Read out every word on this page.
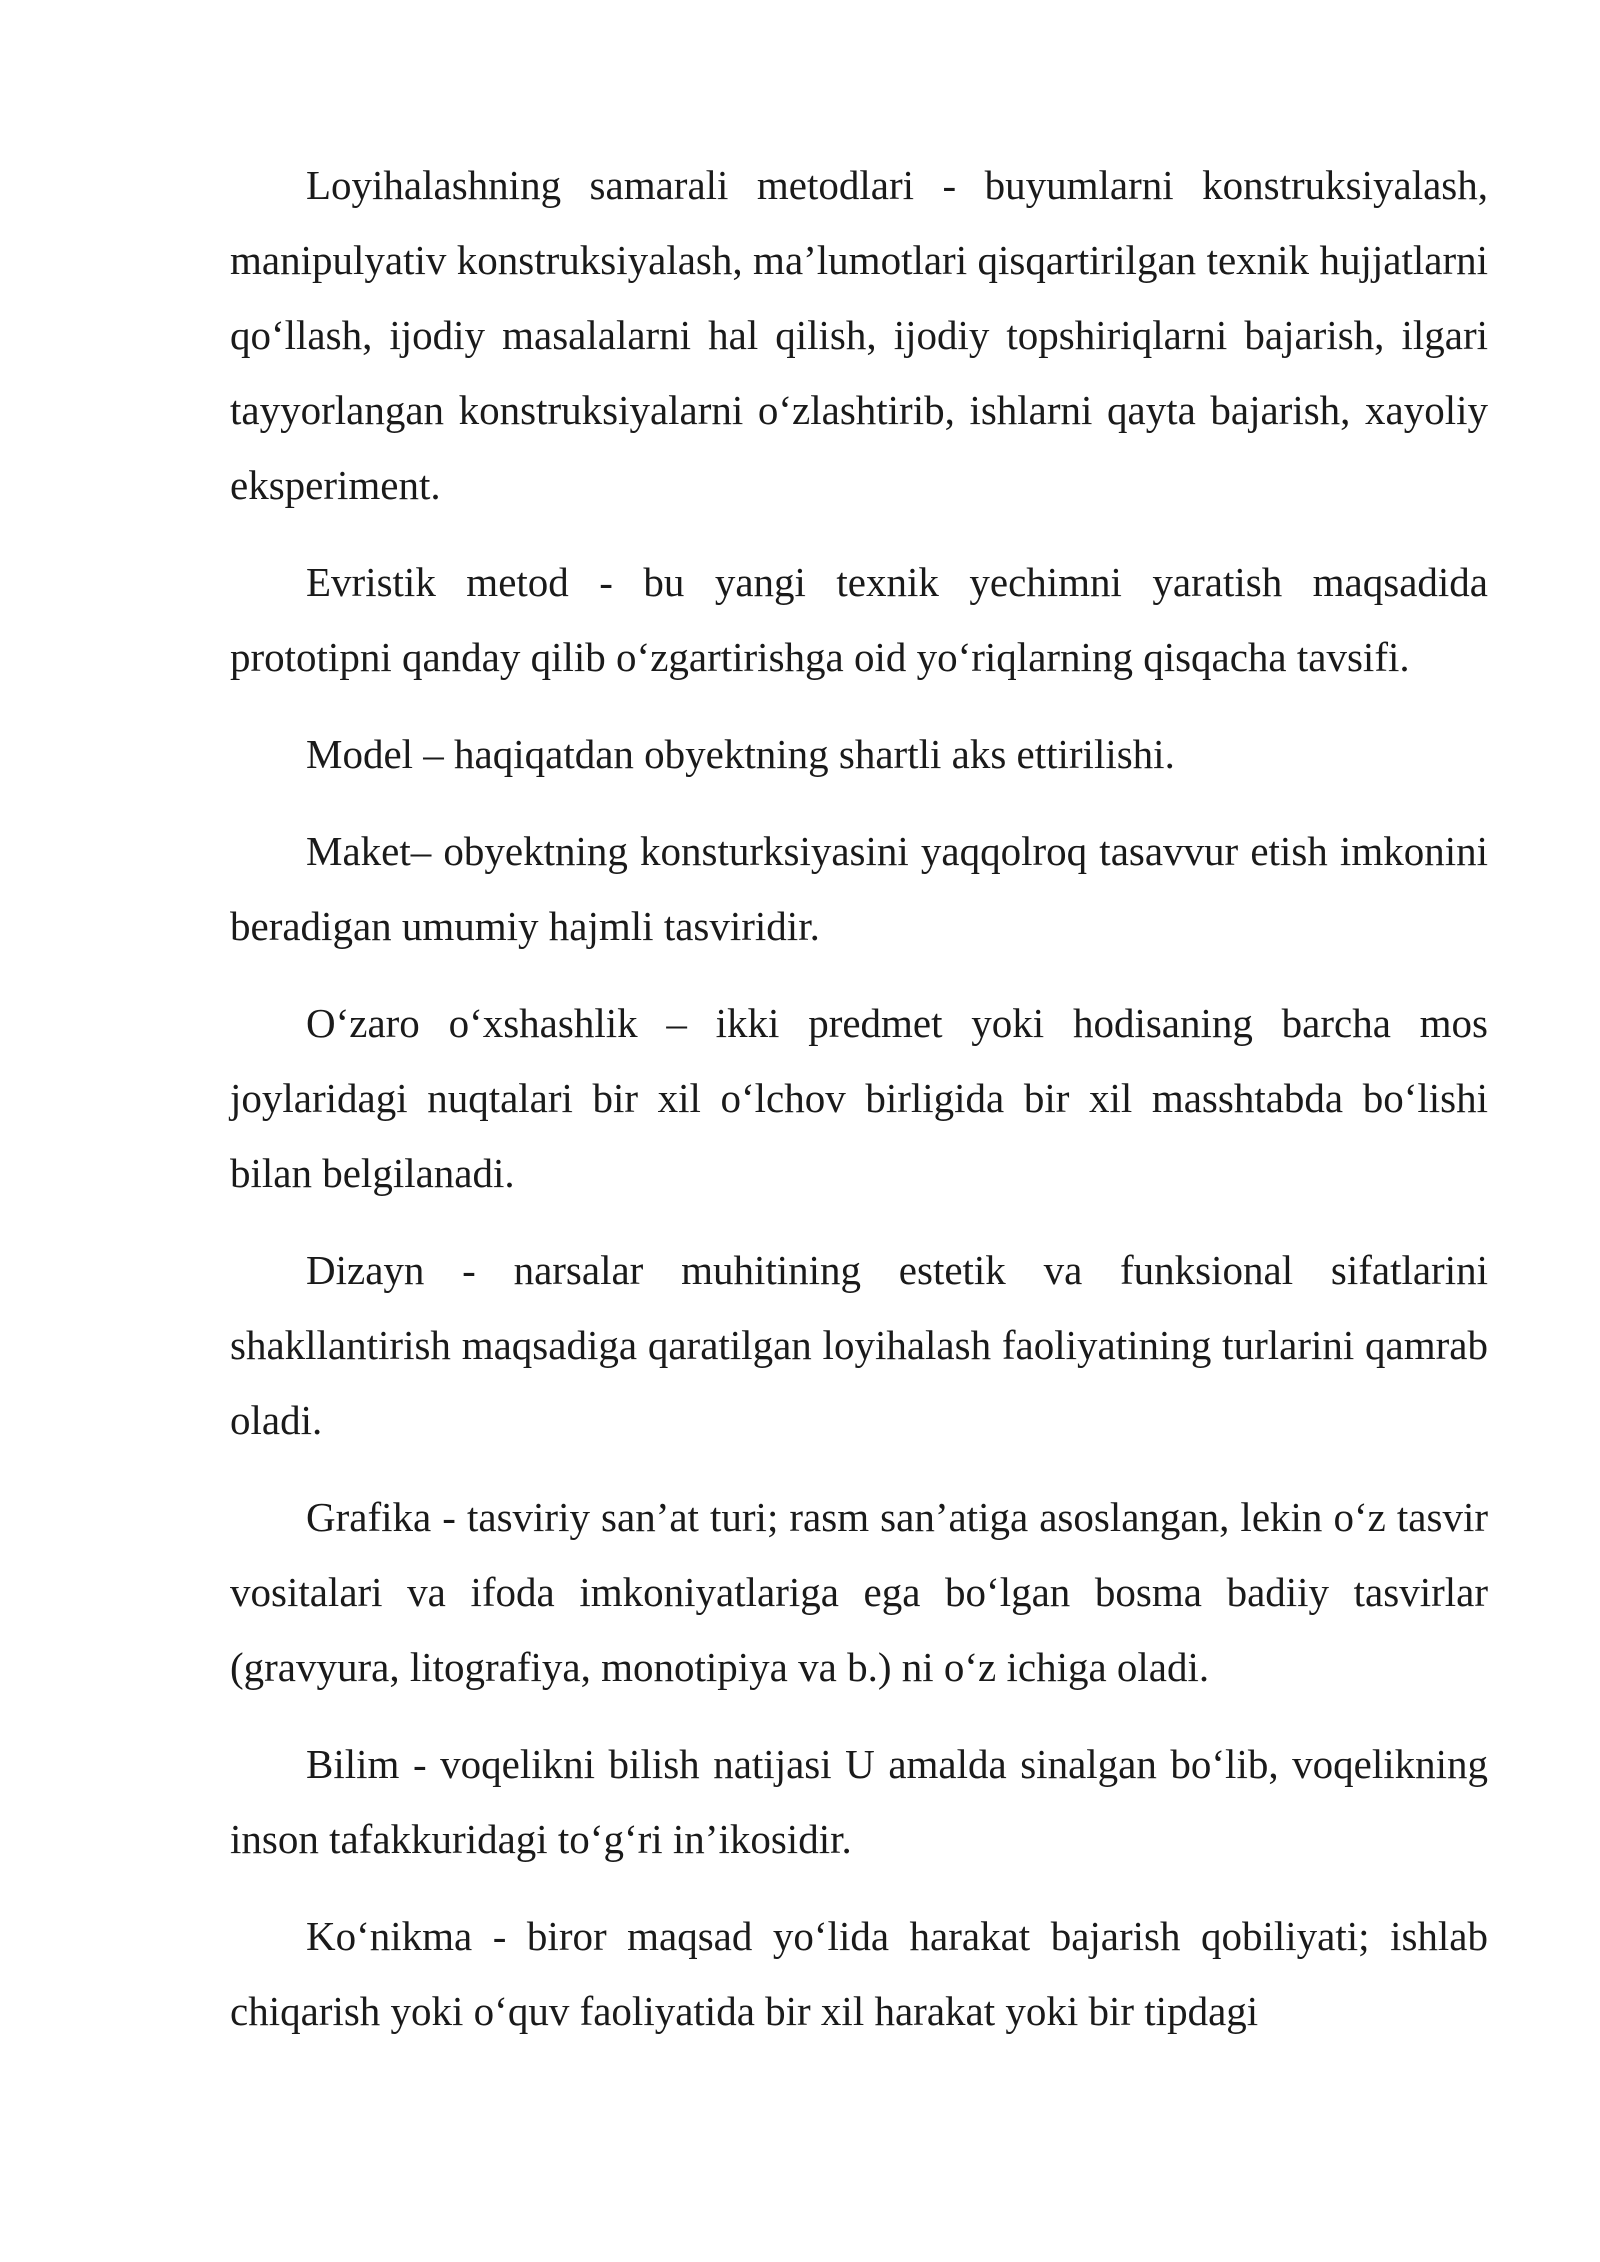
Loyihalashning samarali metodlari - buyumlarni konstruksiyalash, manipulyativ konstruksiyalash, ma’lumotlari qisqartirilgan texnik hujjatlarni qo‘llash, ijodiy masalalarni hal qilish, ijodiy topshiriqlarni bajarish, ilgari tayyorlangan konstruksiyalarni o‘zlashtirib, ishlarni qayta bajarish, xayoliy eksperiment.

Evristik metod - bu yangi texnik yechimni yaratish maqsadida prototipni qanday qilib o‘zgartirishga oid yo‘riqlarning qisqacha tavsifi.

Model – haqiqatdan obyektning shartli aks ettirilishi.

Maket– obyektning konsturksiyasini yaqqolroq tasavvur etish imkonini beradigan umumiy hajmli tasviridir.

O‘zaro o‘xshashlik – ikki predmet yoki hodisaning barcha mos joylaridagi nuqtalari bir xil o‘lchov birligida bir xil masshtabda bo‘lishi bilan belgilanadi.

Dizayn - narsalar muhitining estetik va funksional sifatlarini shakllantirish maqsadiga qaratilgan loyihalash faoliyatining turlarini qamrab oladi.

Grafika - tasviriy san’at turi; rasm san’atiga asoslangan, lekin o‘z tasvir vositalari va ifoda imkoniyatlariga ega bo‘lgan bosma badiiy tasvirlar (gravyura, litografiya, monotipiya va b.) ni o‘z ichiga oladi.

Bilim - voqelikni bilish natijasi U amalda sinalgan bo‘lib, voqelikning inson tafakkuridagi to‘g‘ri in’ikosidir.

Ko‘nikma - biror maqsad yo‘lida harakat bajarish qobiliyati; ishlab chiqarish yoki o‘quv faoliyatida bir xil harakat yoki bir tipdagi
